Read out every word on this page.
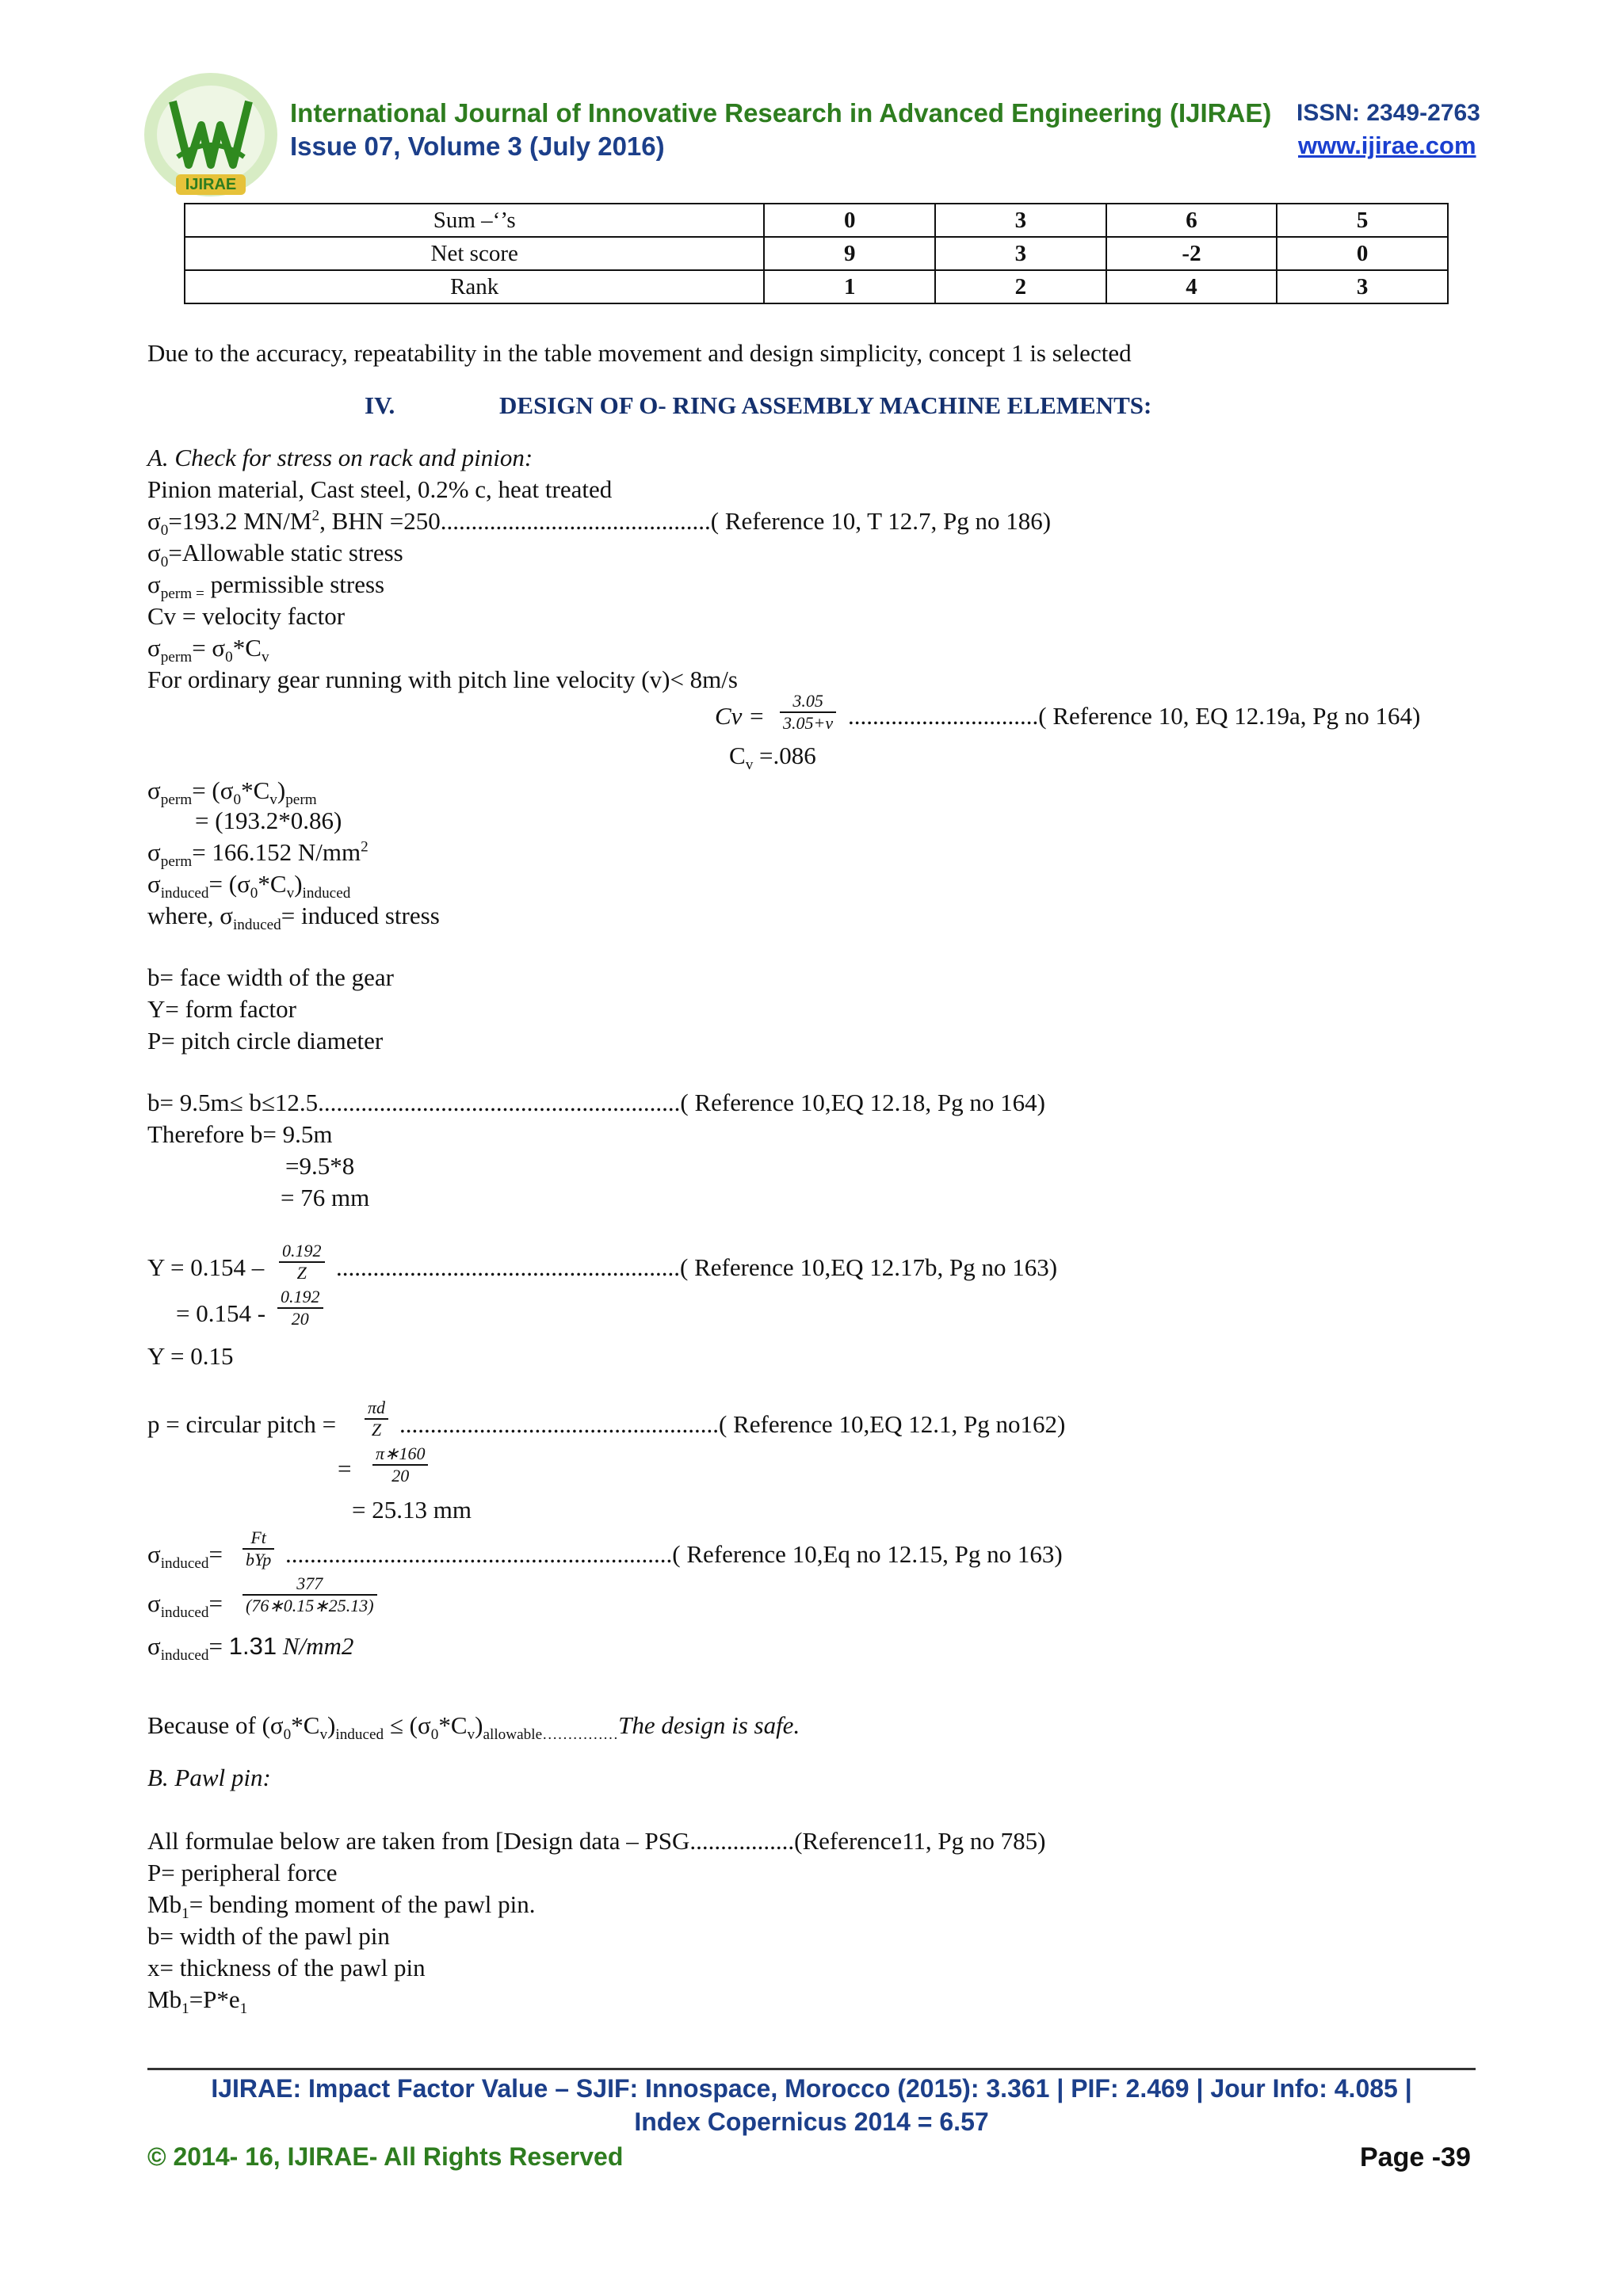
IJIRAE
International Journal of Innovative Research in Advanced Engineering (IJIRAE) ISSN: 2349-2763
Issue 07, Volume 3 (July 2016)	www.ijirae.com
Sum –‘’s	0	3	6	5
Net score	9	3	-2	0
Rank	1	2	4	3
Due to the accuracy, repeatability in the table movement and design simplicity, concept 1 is selected
IV.	DESIGN OF O- RING ASSEMBLY MACHINE ELEMENTS:
A. Check for stress on rack and pinion:
Pinion material, Cast steel, 0.2% c, heat treated
$\sigma_0=193.2$ $MN/M^2$, BHN =250............................................( Reference 10, T 12.7, Pg no 186)
$\sigma_0=Allowable$ static stress
$\sigma_{perm =}$ permissible stress
Cv = velocity factor
$\sigma_{perm}= \sigma_0*C_v$
For ordinary gear running with pitch line velocity (v)< 8m/s
$Cv = \frac{3.05}{3.05+v}$ ...............................( Reference 10, EQ 12.19a, Pg no 164)
$C_v =.086$
$\sigma_{perm}= (\sigma_0*C_v)_{perm}$
= (193.2*0.86)
$\sigma_{perm}= 166.152$ $N/mm^2$
$\sigma_{induced}= (\sigma_0*C_v)_{induced}$
where, $\sigma_{induced}=$ induced stress
b= face width of the gear
Y= form factor
P= pitch circle diameter
b= 9.5m≤ b≤12.5...........................................................( Reference 10,EQ 12.18, Pg no 164)
Therefore b= 9.5m
=9.5*8
= 76 mm
$Y = 0.154 - \frac{0.192}{Z}$ ........................................................( Reference 10,EQ 12.17b, Pg no 163)
= $0.154 - \frac{0.192}{20}$
Y = 0.15
p = circular pitch = $\frac{\pi d}{Z}$ ....................................................( Reference 10,EQ 12.1, Pg no162)
= $\frac{\pi∗160}{20}$
= 25.13 mm
$\sigma_{induced}=$
Ft
bYp ...............................................................( Reference 10,Eq no 12.15, Pg no 163)
$\sigma_{induced}= \frac{377}{(76∗0.15∗25.13)}$
$\sigma_{induced}= 1.31$ N/mm2
Because of $(\sigma_0*C_v)_{induced} \le (\sigma_0*C_v)_{allowable\dots\dots\dots\dots\dots}The$ design is safe.
B. Pawl pin:
All formulae below are taken from [Design data – PSG.................(Reference11, Pg no 785)
P= peripheral force
$Mb_1=$ bending moment of the pawl pin.
b= width of the pawl pin
x= thickness of the pawl pin
$Mb_1=P*e_1$
IJIRAE: Impact Factor Value – SJIF: Innospace, Morocco (2015): 3.361 | PIF: 2.469 | Jour Info: 4.085 |
Index Copernicus 2014 = 6.57
© 2014- 16, IJIRAE- All Rights Reserved	Page -39
